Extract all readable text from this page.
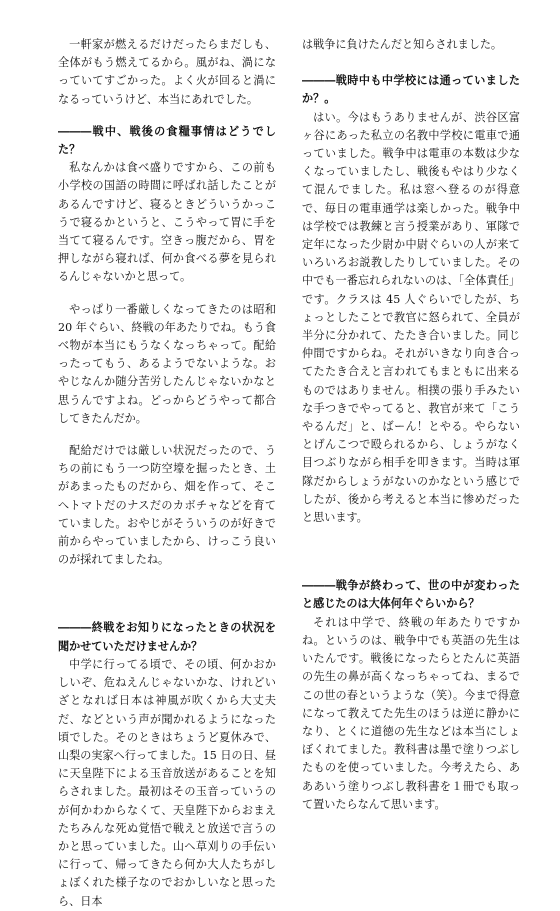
一軒家が燃えるだけだったらまだしも、全体がもう燃えてるから。風がね、渦になっていてすごかった。よく火が回ると渦になるっていうけど、本当にあれでした。

―――戦中、戦後の食糧事情はどうでした？

私なんかは食べ盛りですから、この前も小学校の国語の時間に呼ばれ話したことがあるんですけど、寝るときどういうかっこうで寝るかというと、こうやって胃に手を当てて寝るんです。空きっ腹だから、胃を押しながら寝れば、何か食べる夢を見られるんじゃないかと思って。

やっぱり一番厳しくなってきたのは昭和 20 年ぐらい、終戦の年あたりでね。もう食べ物が本当にもうなくなっちゃって。配給ったってもう、あるようでないような。おやじなんか随分苦労したんじゃないかなと思うんですよね。どっからどうやって都合してきたんだか。

配給だけでは厳しい状況だったので、うちの前にもう一つ防空壕を掘ったとき、土があまったものだから、畑を作って、そこへトマトだのナスだのカボチャなどを育てていました。おやじがそういうのが好きで前からやっていましたから、けっこう良いのが採れてましたね。

―――終戦をお知りになったときの状況を聞かせていただけませんか？

中学に行ってる頃で、その頃、何かおかしいぞ、危ねえんじゃないかな、けれどいざとなれば日本は神風が吹くから大丈夫だ、などという声が聞かれるようになった頃でした。そのときはちょうど夏休みで、山梨の実家へ行ってました。15 日の日、昼に天皇陛下による玉音放送があることを知らされました。最初はその玉音っていうのが何かわからなくて、天皇陛下からおまえたちみんな死ぬ覚悟で戦えと放送で言うのかと思っていました。山へ草刈りの手伝いに行って、帰ってきたら何か大人たちがしょぼくれた様子なのでおかしいなと思ったら、日本

は戦争に負けたんだと知らされました。

―――戦時中も中学校には通っていましたか？。

はい。今はもうありませんが、渋谷区富ヶ谷にあった私立の名教中学校に電車で通っていました。戦争中は電車の本数は少なくなっていましたし、戦後もやはり少なくて混んでました。私は窓へ登るのが得意で、毎日の電車通学は楽しかった。戦争中は学校では教練と言う授業があり、軍隊で定年になった少尉か中尉ぐらいの人が来ていろいろお説教したりしていました。その中でも一番忘れられないのは、「全体責任」です。クラスは 45 人ぐらいでしたが、ちょっとしたことで教官に怒られて、全員が半分に分かれて、たたき合いました。同じ仲間ですからね。それがいきなり向き合ってたたき合えと言われてもまともに出来るものではありません。相撲の張り手みたいな手つきでやってると、教官が来て「こうやるんだ」と、ばーん！とやる。やらないとげんこつで殴られるから、しょうがなく目つぶりながら相手を叩きます。当時は軍隊だからしょうがないのかなという感じでしたが、後から考えると本当に惨めだったと思います。

―――戦争が終わって、世の中が変わったと感じたのは大体何年ぐらいから？

それは中学で、終戦の年あたりですかね。というのは、戦争中でも英語の先生はいたんです。戦後になったらとたんに英語の先生の鼻が高くなっちゃってね、まるでこの世の春というような（笑）。今まで得意になって教えてた先生のほうは逆に静かになり、とくに道徳の先生などは本当にしょぼくれてました。教科書は墨で塗りつぶしたものを使っていました。今考えたら、あああいう塗りつぶし教科書を１冊でも取って置いたらなんて思います。
